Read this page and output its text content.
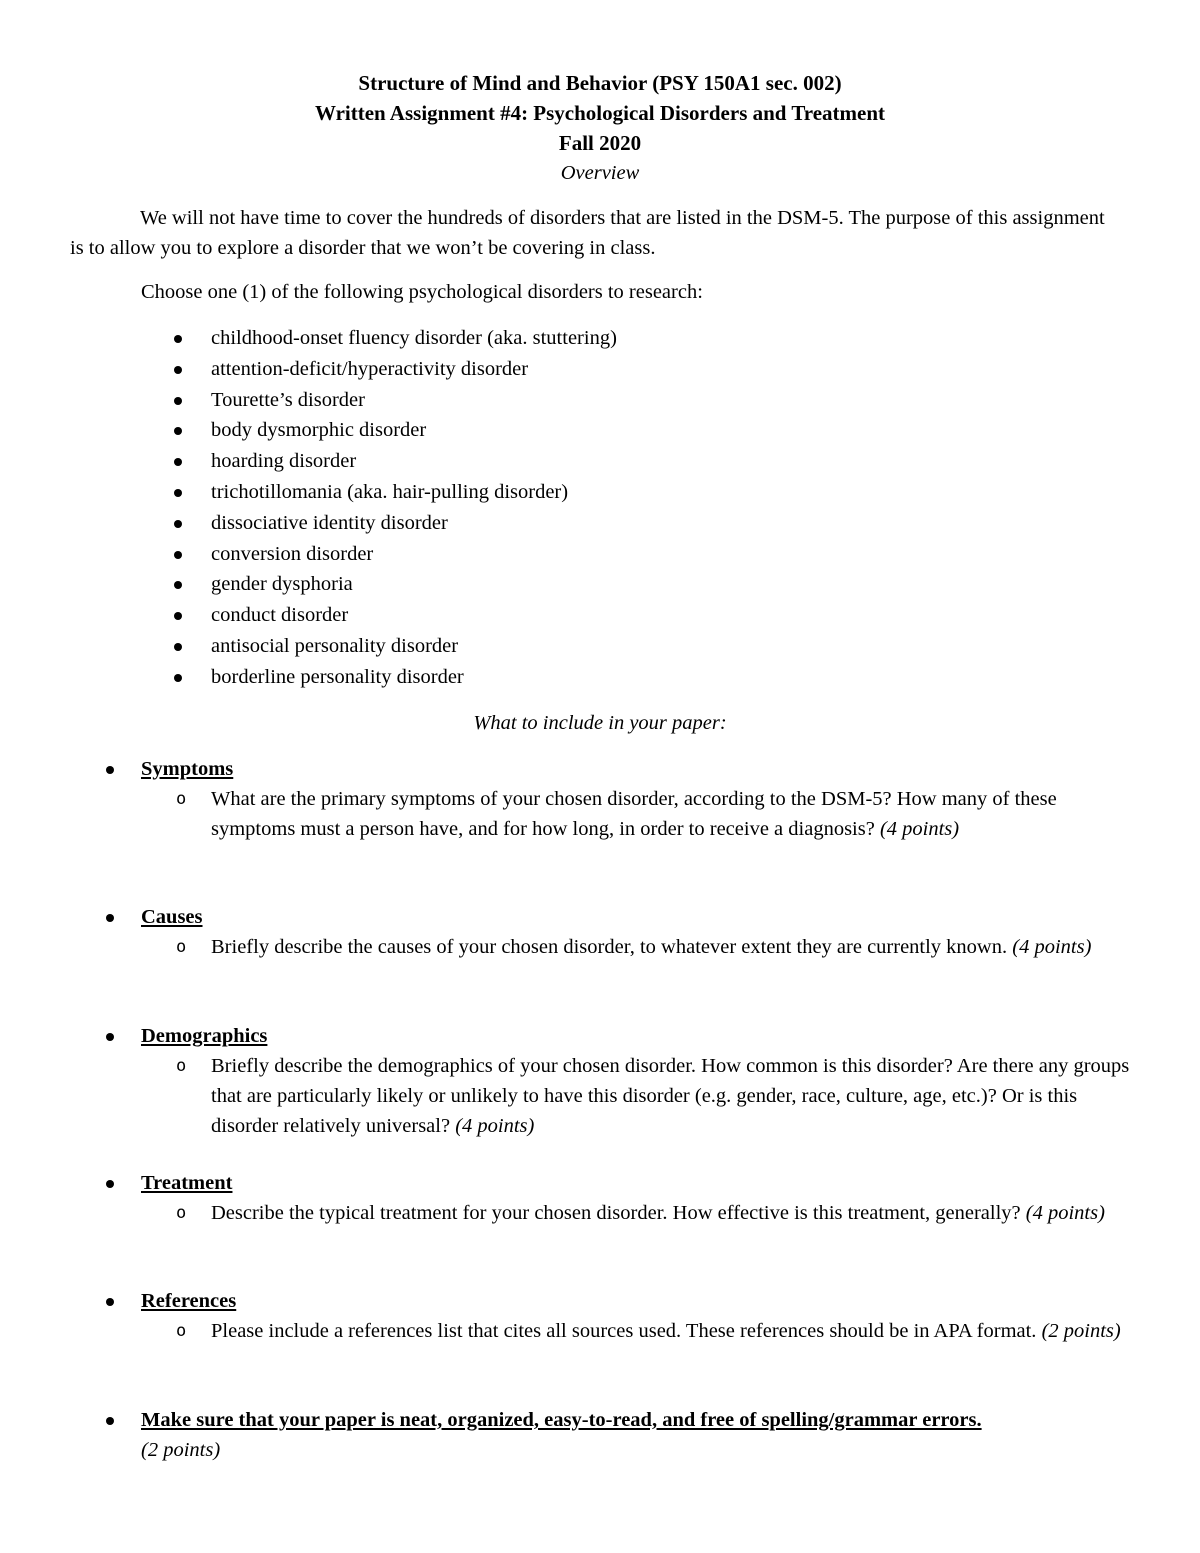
Structure of Mind and Behavior (PSY 150A1 sec. 002)
Written Assignment #4: Psychological Disorders and Treatment
Fall 2020
Overview
We will not have time to cover the hundreds of disorders that are listed in the DSM-5. The purpose of this assignment is to allow you to explore a disorder that we won’t be covering in class.
Choose one (1) of the following psychological disorders to research:
childhood-onset fluency disorder (aka. stuttering)
attention-deficit/hyperactivity disorder
Tourette’s disorder
body dysmorphic disorder
hoarding disorder
trichotillomania (aka. hair-pulling disorder)
dissociative identity disorder
conversion disorder
gender dysphoria
conduct disorder
antisocial personality disorder
borderline personality disorder
What to include in your paper:
Symptoms
o What are the primary symptoms of your chosen disorder, according to the DSM-5? How many of these symptoms must a person have, and for how long, in order to receive a diagnosis? (4 points)
Causes
o Briefly describe the causes of your chosen disorder, to whatever extent they are currently known. (4 points)
Demographics
o Briefly describe the demographics of your chosen disorder. How common is this disorder? Are there any groups that are particularly likely or unlikely to have this disorder (e.g. gender, race, culture, age, etc.)? Or is this disorder relatively universal? (4 points)
Treatment
o Describe the typical treatment for your chosen disorder. How effective is this treatment, generally? (4 points)
References
o Please include a references list that cites all sources used. These references should be in APA format. (2 points)
Make sure that your paper is neat, organized, easy-to-read, and free of spelling/grammar errors.
(2 points)
